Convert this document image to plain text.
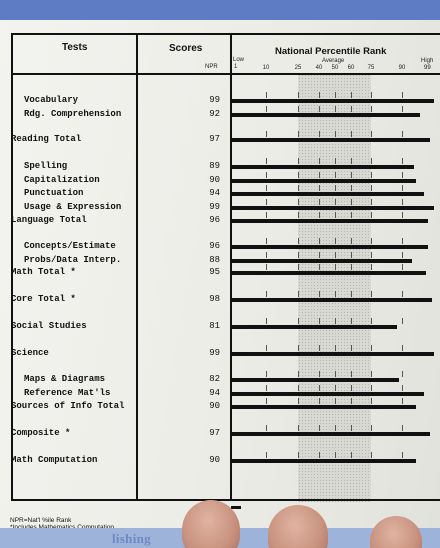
Tests	Scores
NPR
National Percentile Rank
Low
1
Average	High
99
10	25	40	50	60	75	90
Vocabulary	99
Rdg. Comprehension	92
Reading Total	97
Spelling	89
Capitalization	90
Punctuation	94
Usage & Expression	99
Language Total	96
Concepts/Estimate	96
Probs/Data Interp.	88
Math Total *	95
Core Total *	98
Social Studies	81
Science	99
Maps & Diagrams	82
Reference Mat'ls	94
Sources of Info Total	90
Composite *	97
Math Computation	90
NPR=Nat'l %ile Rank
lishing
